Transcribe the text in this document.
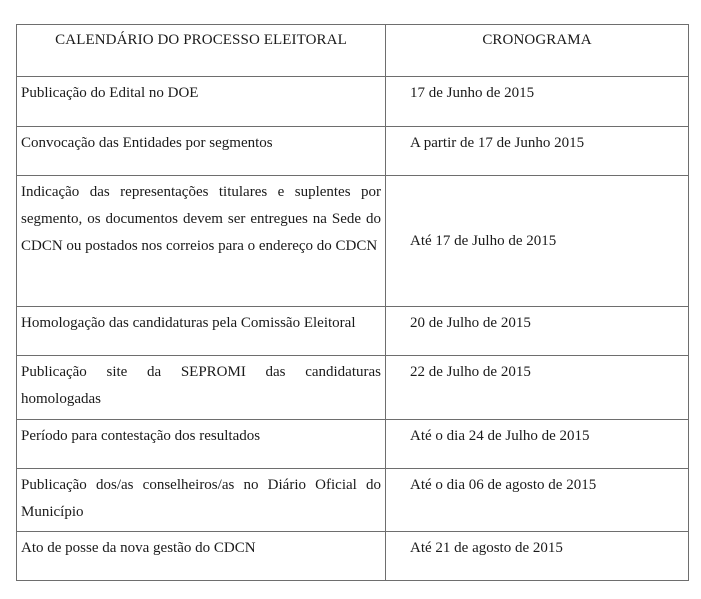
CALENDÁRIO DO PROCESSO ELEITORAL	CRONOGRAMA
Publicação do Edital no DOE	17 de Junho de 2015
Convocação das Entidades por segmentos	A partir de 17 de Junho 2015
Indicação das representações titulares e suplentes por segmento, os documentos devem ser entregues na Sede do CDCN ou postados nos correios para o endereço do CDCN	Até 17 de Julho de 2015
Homologação das candidaturas pela Comissão Eleitoral	20 de Julho de 2015
Publicação site da SEPROMI das candidaturas homologadas	22 de Julho de 2015
Período para contestação dos resultados	Até o dia 24 de Julho de 2015
Publicação dos/as conselheiros/as no Diário Oficial do Município	Até o dia 06 de agosto de 2015
Ato de posse da nova gestão do CDCN	Até 21 de agosto de 2015
